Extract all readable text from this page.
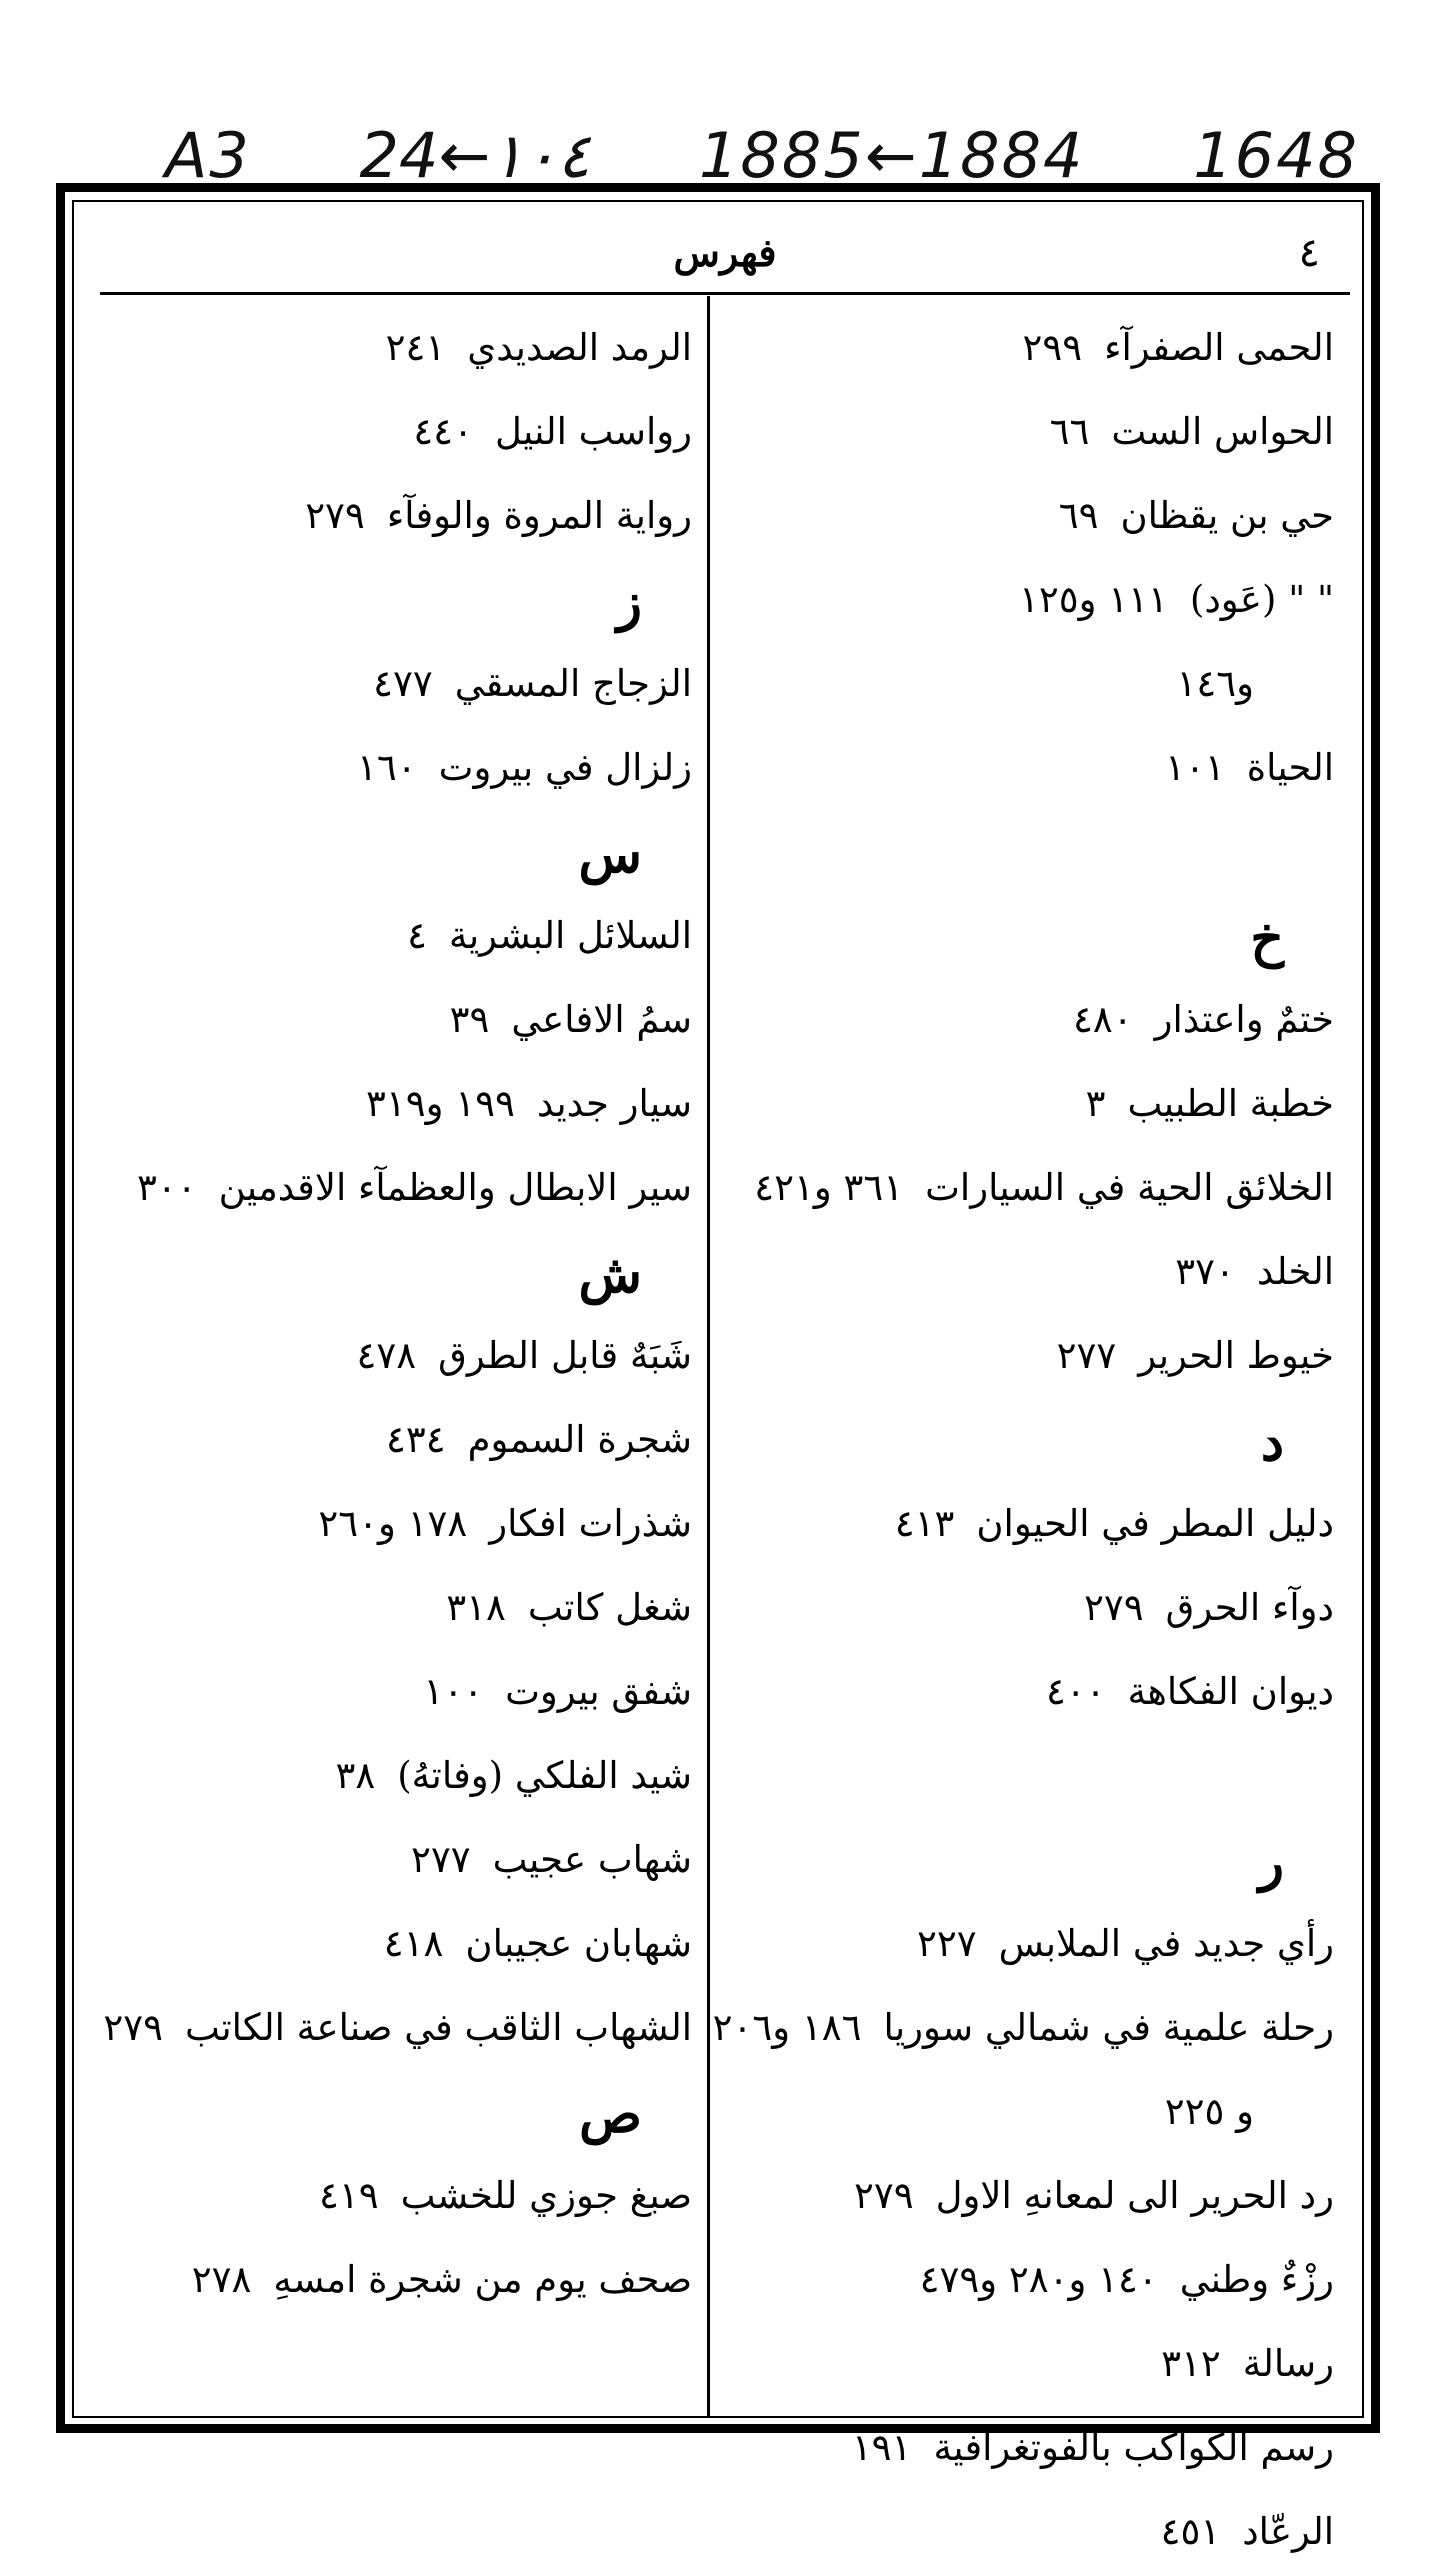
A3 24←١٠٤ 1885←1884 1648
٤
فهرس
الحمى الصفرآء
٢٩٩
الحواس الست
٦٦
حي بن يقظان
٦٩
" " (عَود)
١١١ و١٢٥
و١٤٦
الحياة
١٠١
خ
ختمٌ واعتذار
٤٨٠
خطبة الطبيب
٣
الخلائق الحية في السيارات
٣٦١ و٤٢١
الخلد
٣٧٠
خيوط الحرير
٢٧٧
د
دليل المطر في الحيوان
٤١٣
دوآء الحرق
٢٧٩
ديوان الفكاهة
٤٠٠
ر
رأي جديد في الملابس
٢٢٧
رحلة علمية في شمالي سوريا
١٨٦ و٢٠٦
و ٢٢٥
رد الحرير الى لمعانهِ الاول
٢٧٩
رزْءٌ وطني
١٤٠ و٢٨٠ و٤٧٩
رسالة
٣١٢
رسم الكواكب بالفوتغرافية
١٩١
الرعّاد
٤٥١
الرمد الصديدي
٢٤١
رواسب النيل
٤٤٠
رواية المروة والوفآء
٢٧٩
ز
الزجاج المسقي
٤٧٧
زلزال في بيروت
١٦٠
س
السلائل البشرية
٤
سمُ الافاعي
٣٩
سيار جديد
١٩٩ و٣١٩
سير الابطال والعظمآء الاقدمين
٣٠٠
ش
شَبَهٌ قابل الطرق
٤٧٨
شجرة السموم
٤٣٤
شذرات افكار
١٧٨ و٢٦٠
شغل كاتب
٣١٨
شفق بيروت
١٠٠
شيد الفلكي (وفاتهُ)
٣٨
شهاب عجيب
٢٧٧
شهابان عجيبان
٤١٨
الشهاب الثاقب في صناعة الكاتب
٢٧٩
ص
صبغ جوزي للخشب
٤١٩
صحف يوم من شجرة امسهِ
٢٧٨
